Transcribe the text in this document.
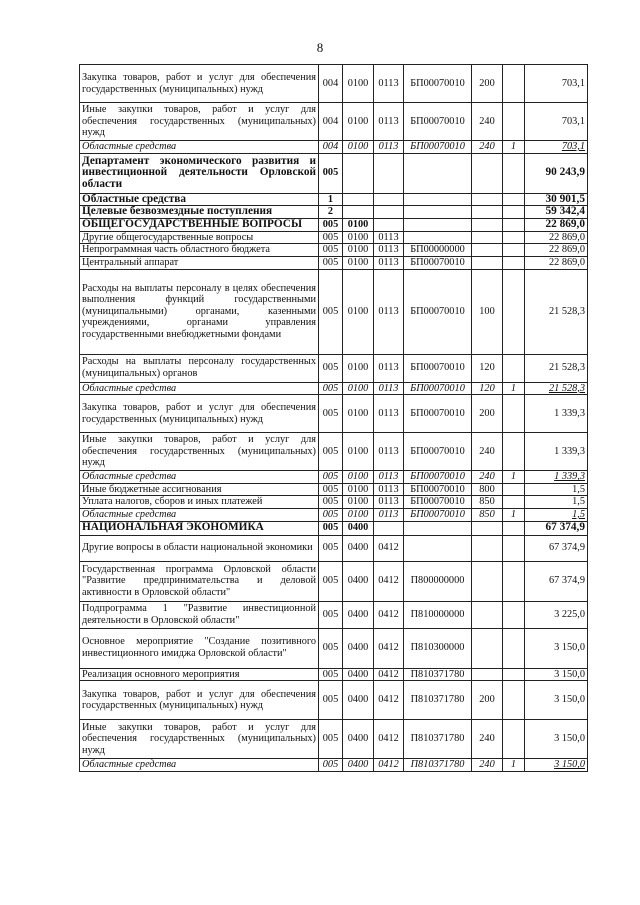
8
Закупка товаров, работ и услуг для обеспечения государственных (муниципальных) нужд	004	0100	0113	БП00070010	200		703,1
Иные закупки товаров, работ и услуг для обеспечения государственных (муниципальных) нужд	004	0100	0113	БП00070010	240		703,1
Областные средства	004	0100	0113	БП00070010	240	1	703,1
Департамент экономического развития и инвестиционной деятельности Орловской области	005						90 243,9
Областные средства	1						30 901,5
Целевые безвозмездные поступления	2						59 342,4
ОБЩЕГОСУДАРСТВЕННЫЕ ВОПРОСЫ	005	0100					22 869,0
Другие общегосударственные вопросы	005	0100	0113				22 869,0
Непрограммная часть областного бюджета	005	0100	0113	БП00000000			22 869,0
Центральный аппарат	005	0100	0113	БП00070010			22 869,0
Расходы на выплаты персоналу в целях обеспечения выполнения функций государственными (муниципальными) органами, казенными учреждениями, органами управления государственными внебюджетными фондами	005	0100	0113	БП00070010	100		21 528,3
Расходы на выплаты персоналу государственных (муниципальных) органов	005	0100	0113	БП00070010	120		21 528,3
Областные средства	005	0100	0113	БП00070010	120	1	21 528,3
Закупка товаров, работ и услуг для обеспечения государственных (муниципальных) нужд	005	0100	0113	БП00070010	200		1 339,3
Иные закупки товаров, работ и услуг для обеспечения государственных (муниципальных) нужд	005	0100	0113	БП00070010	240		1 339,3
Областные средства	005	0100	0113	БП00070010	240	1	1 339,3
Иные бюджетные ассигнования	005	0100	0113	БП00070010	800		1,5
Уплата налогов, сборов и иных платежей	005	0100	0113	БП00070010	850		1,5
Областные средства	005	0100	0113	БП00070010	850	1	1,5
НАЦИОНАЛЬНАЯ ЭКОНОМИКА	005	0400					67 374,9
Другие вопросы в области национальной экономики	005	0400	0412				67 374,9
Государственная программа Орловской области "Развитие предпринимательства и деловой активности в Орловской области"	005	0400	0412	П800000000			67 374,9
Подпрограмма 1 "Развитие инвестиционной деятельности в Орловской области"	005	0400	0412	П810000000			3 225,0
Основное мероприятие "Создание позитивного инвестиционного имиджа Орловской области"	005	0400	0412	П810300000			3 150,0
Реализация основного мероприятия	005	0400	0412	П810371780			3 150,0
Закупка товаров, работ и услуг для обеспечения государственных (муниципальных) нужд	005	0400	0412	П810371780	200		3 150,0
Иные закупки товаров, работ и услуг для обеспечения государственных (муниципальных) нужд	005	0400	0412	П810371780	240		3 150,0
Областные средства	005	0400	0412	П810371780	240	1	3 150,0
